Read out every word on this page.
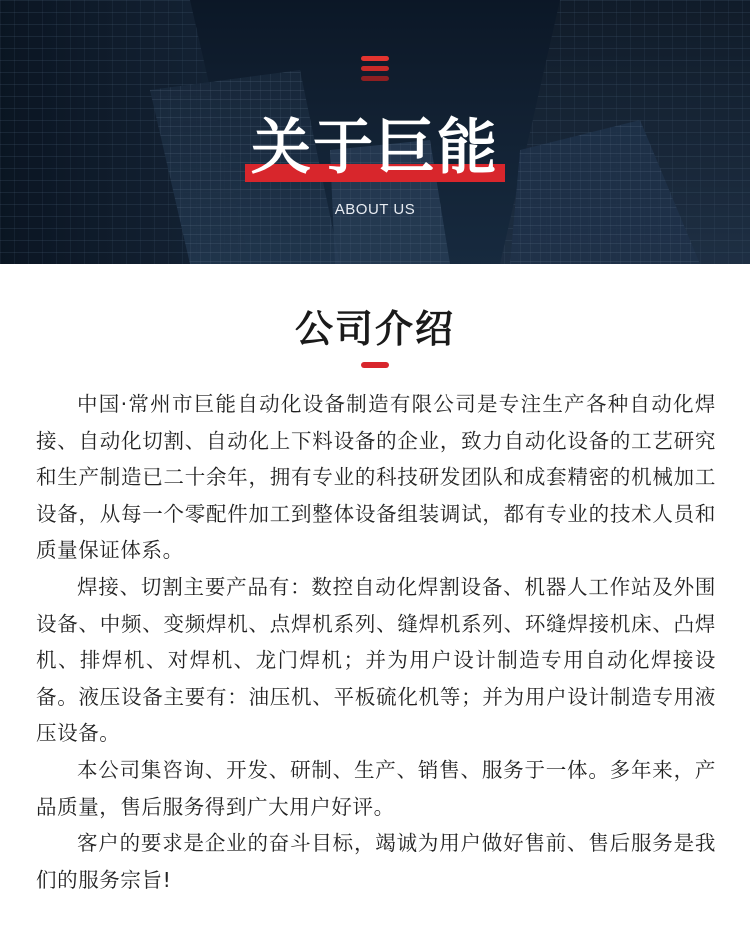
关于巨能
ABOUT US
公司介绍

中国·常州市巨能自动化设备制造有限公司是专注生产各种自动化焊接、自动化切割、自动化上下料设备的企业，致力自动化设备的工艺研究和生产制造已二十余年，拥有专业的科技研发团队和成套精密的机械加工设备，从每一个零配件加工到整体设备组装调试，都有专业的技术人员和质量保证体系。

焊接、切割主要产品有：数控自动化焊割设备、机器人工作站及外围设备、中频、变频焊机、点焊机系列、缝焊机系列、环缝焊接机床、凸焊机、排焊机、对焊机、龙门焊机；并为用户设计制造专用自动化焊接设备。液压设备主要有：油压机、平板硫化机等；并为用户设计制造专用液压设备。

本公司集咨询、开发、研制、生产、销售、服务于一体。多年来，产品质量，售后服务得到广大用户好评。

客户的要求是企业的奋斗目标，竭诚为用户做好售前、售后服务是我们的服务宗旨!
